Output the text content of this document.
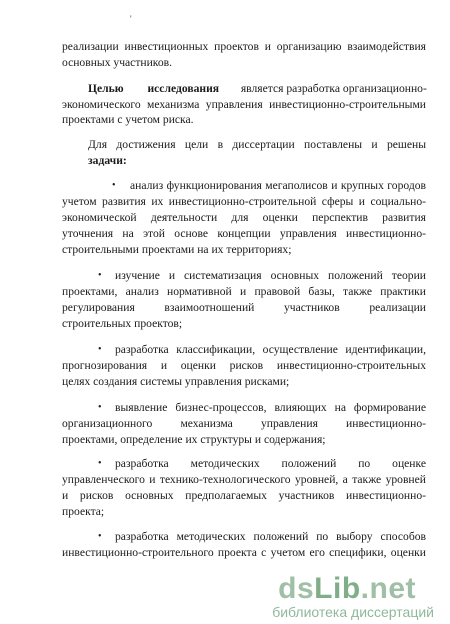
'
реализации инвестиционных проектов и организацию взаимодействия
основных участников.
Целью исследования является разработка организационно-
экономического механизма управления инвестиционно-строительными
проектами с учетом риска.
Для достижения цели в диссертации поставлены и решены
задачи:
• анализ функционирования мегаполисов и крупных городов
учетом развития их инвестиционно-строительной сферы и социально-
экономической деятельности для оценки перспектив развития
уточнения на этой основе концепции управления инвестиционно-
строительными проектами на их территориях;
• изучение и систематизация основных положений теории
проектами, анализ нормативной и правовой базы, также практики
регулирования взаимоотношений участников реализации
строительных проектов;
• разработка классификации, осуществление идентификации,
прогнозирования и оценки рисков инвестиционно-строительных
целях создания системы управления рисками;
• выявление бизнес-процессов, влияющих на формирование
организационного механизма управления инвестиционно-
проектами, определение их структуры и содержания;
• разработка методических положений по оценке
управленческого и технико-технологического уровней, а также уровней
и рисков основных предполагаемых участников инвестиционно-
проекта;
• разработка методических положений по выбору способов
инвестиционно-строительного проекта с учетом его специфики, оценки
dsLib.net
библиотека диссертаций
